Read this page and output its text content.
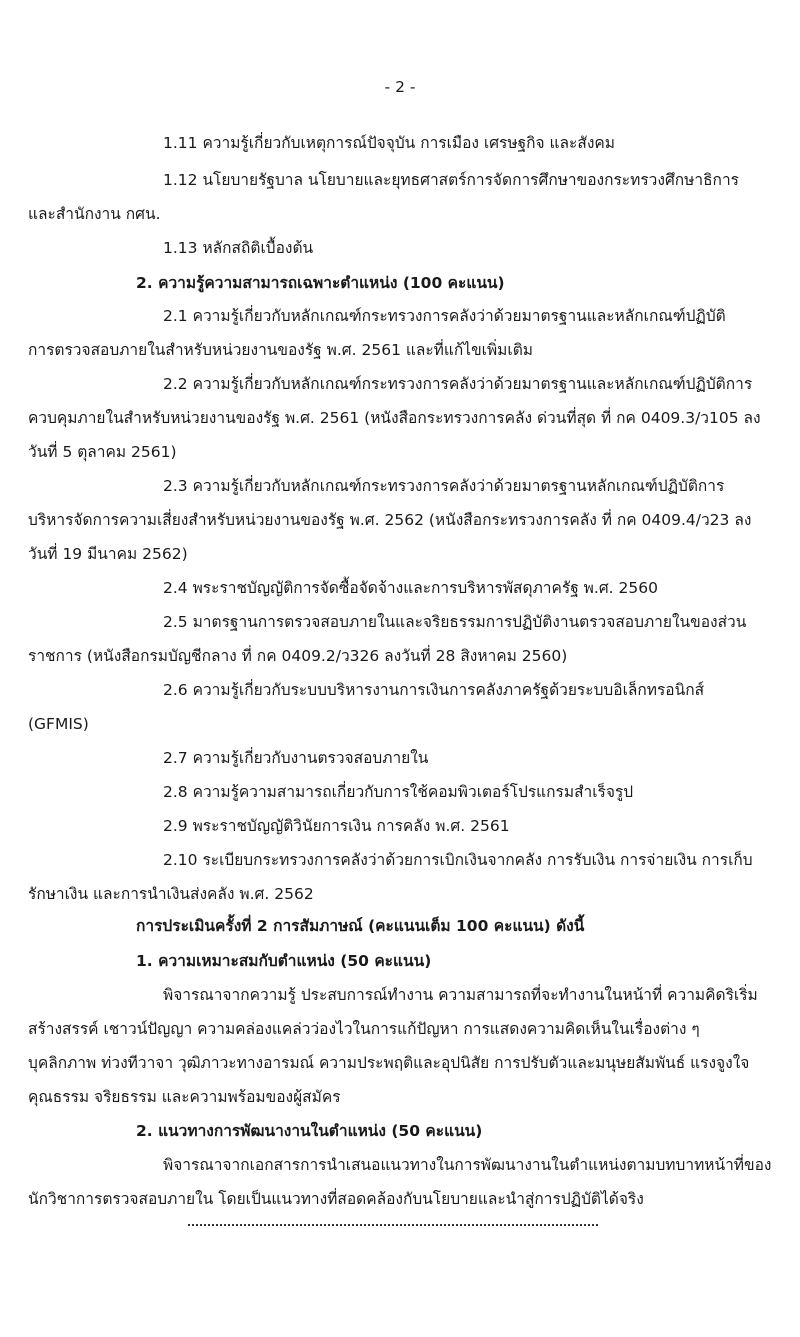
- 2 -
1.11 ความรู้เกี่ยวกับเหตุการณ์ปัจจุบัน การเมือง เศรษฐกิจ และสังคม
1.12 นโยบายรัฐบาล นโยบายและยุทธศาสตร์การจัดการศึกษาของกระทรวงศึกษาธิการ
และสำนักงาน กศน.
1.13 หลักสถิติเบื้องต้น
2. ความรู้ความสามารถเฉพาะตำแหน่ง (100 คะแนน)
2.1 ความรู้เกี่ยวกับหลักเกณฑ์กระทรวงการคลังว่าด้วยมาตรฐานและหลักเกณฑ์ปฏิบัติ
การตรวจสอบภายในสำหรับหน่วยงานของรัฐ พ.ศ. 2561 และที่แก้ไขเพิ่มเติม
2.2 ความรู้เกี่ยวกับหลักเกณฑ์กระทรวงการคลังว่าด้วยมาตรฐานและหลักเกณฑ์ปฏิบัติการ
ควบคุมภายในสำหรับหน่วยงานของรัฐ พ.ศ. 2561 (หนังสือกระทรวงการคลัง ด่วนที่สุด ที่ กค 0409.3/ว105 ลง
วันที่ 5 ตุลาคม 2561)
2.3 ความรู้เกี่ยวกับหลักเกณฑ์กระทรวงการคลังว่าด้วยมาตรฐานหลักเกณฑ์ปฏิบัติการ
บริหารจัดการความเสี่ยงสำหรับหน่วยงานของรัฐ พ.ศ. 2562 (หนังสือกระทรวงการคลัง ที่ กค 0409.4/ว23 ลง
วันที่ 19 มีนาคม 2562)
2.4 พระราชบัญญัติการจัดซื้อจัดจ้างและการบริหารพัสดุภาครัฐ พ.ศ. 2560
2.5 มาตรฐานการตรวจสอบภายในและจริยธรรมการปฏิบัติงานตรวจสอบภายในของส่วน
ราชการ (หนังสือกรมบัญชีกลาง ที่ กค 0409.2/ว326 ลงวันที่ 28 สิงหาคม 2560)
2.6 ความรู้เกี่ยวกับระบบบริหารงานการเงินการคลังภาครัฐด้วยระบบอิเล็กทรอนิกส์
(GFMIS)
2.7 ความรู้เกี่ยวกับงานตรวจสอบภายใน
2.8 ความรู้ความสามารถเกี่ยวกับการใช้คอมพิวเตอร์โปรแกรมสำเร็จรูป
2.9 พระราชบัญญัติวินัยการเงิน การคลัง พ.ศ. 2561
2.10 ระเบียบกระทรวงการคลังว่าด้วยการเบิกเงินจากคลัง การรับเงิน การจ่ายเงิน การเก็บ
รักษาเงิน และการนำเงินส่งคลัง พ.ศ. 2562
การประเมินครั้งที่ 2 การสัมภาษณ์ (คะแนนเต็ม 100 คะแนน) ดังนี้
1. ความเหมาะสมกับตำแหน่ง (50 คะแนน)
พิจารณาจากความรู้ ประสบการณ์ทำงาน ความสามารถที่จะทำงานในหน้าที่ ความคิดริเริ่ม
สร้างสรรค์ เชาวน์ปัญญา ความคล่องแคล่วว่องไวในการแก้ปัญหา การแสดงความคิดเห็นในเรื่องต่าง ๆ
บุคลิกภาพ ท่วงทีวาจา วุฒิภาวะทางอารมณ์ ความประพฤติและอุปนิสัย การปรับตัวและมนุษยสัมพันธ์ แรงจูงใจ
คุณธรรม จริยธรรม และความพร้อมของผู้สมัคร
2. แนวทางการพัฒนางานในตำแหน่ง (50 คะแนน)
พิจารณาจากเอกสารการนำเสนอแนวทางในการพัฒนางานในตำแหน่งตามบทบาทหน้าที่ของ
นักวิชาการตรวจสอบภายใน โดยเป็นแนวทางที่สอดคล้องกับนโยบายและนำสู่การปฏิบัติได้จริง
